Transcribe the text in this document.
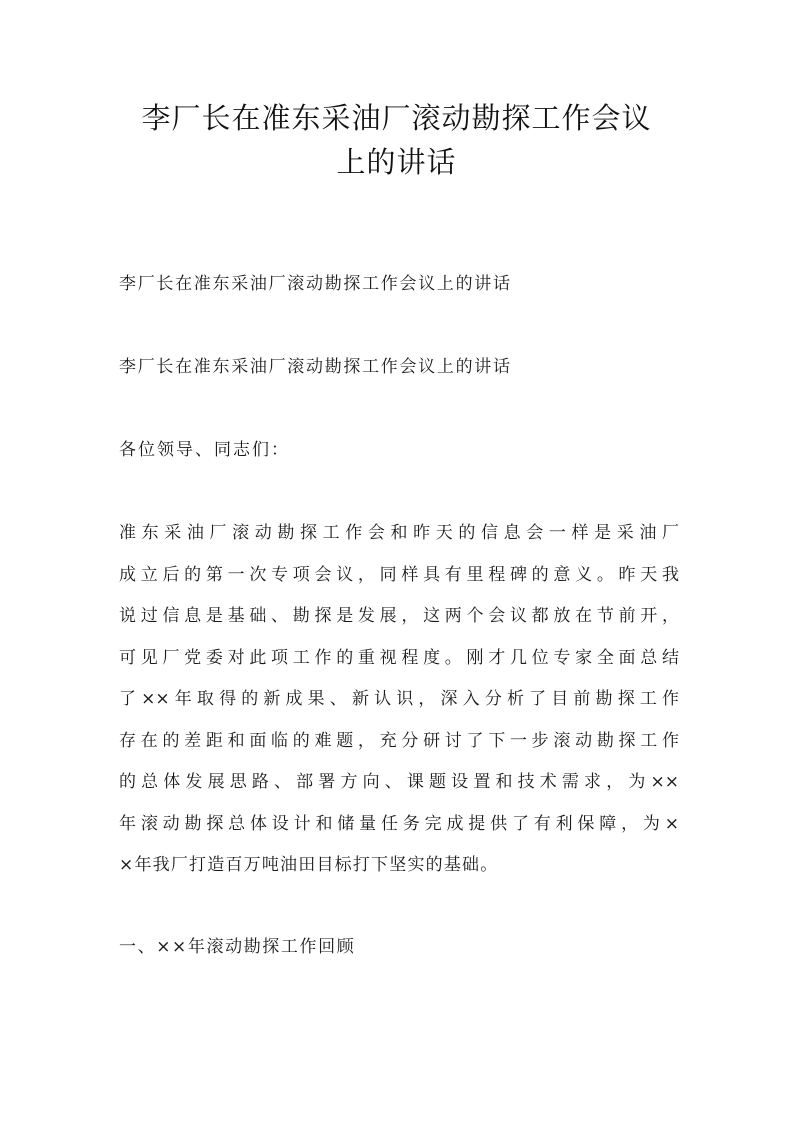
李厂长在准东采油厂滚动勘探工作会议
上的讲话
李厂长在准东采油厂滚动勘探工作会议上的讲话
李厂长在准东采油厂滚动勘探工作会议上的讲话
各位领导、同志们：
准东采油厂滚动勘探工作会和昨天的信息会一样是采油厂
成立后的第一次专项会议，同样具有里程碑的意义。昨天我
说过信息是基础、勘探是发展，这两个会议都放在节前开，
可见厂党委对此项工作的重视程度。刚才几位专家全面总结
了××年取得的新成果、新认识，深入分析了目前勘探工作
存在的差距和面临的难题，充分研讨了下一步滚动勘探工作
的总体发展思路、部署方向、课题设置和技术需求，为××
年滚动勘探总体设计和储量任务完成提供了有利保障，为×
×年我厂打造百万吨油田目标打下坚实的基础。
一、××年滚动勘探工作回顾
